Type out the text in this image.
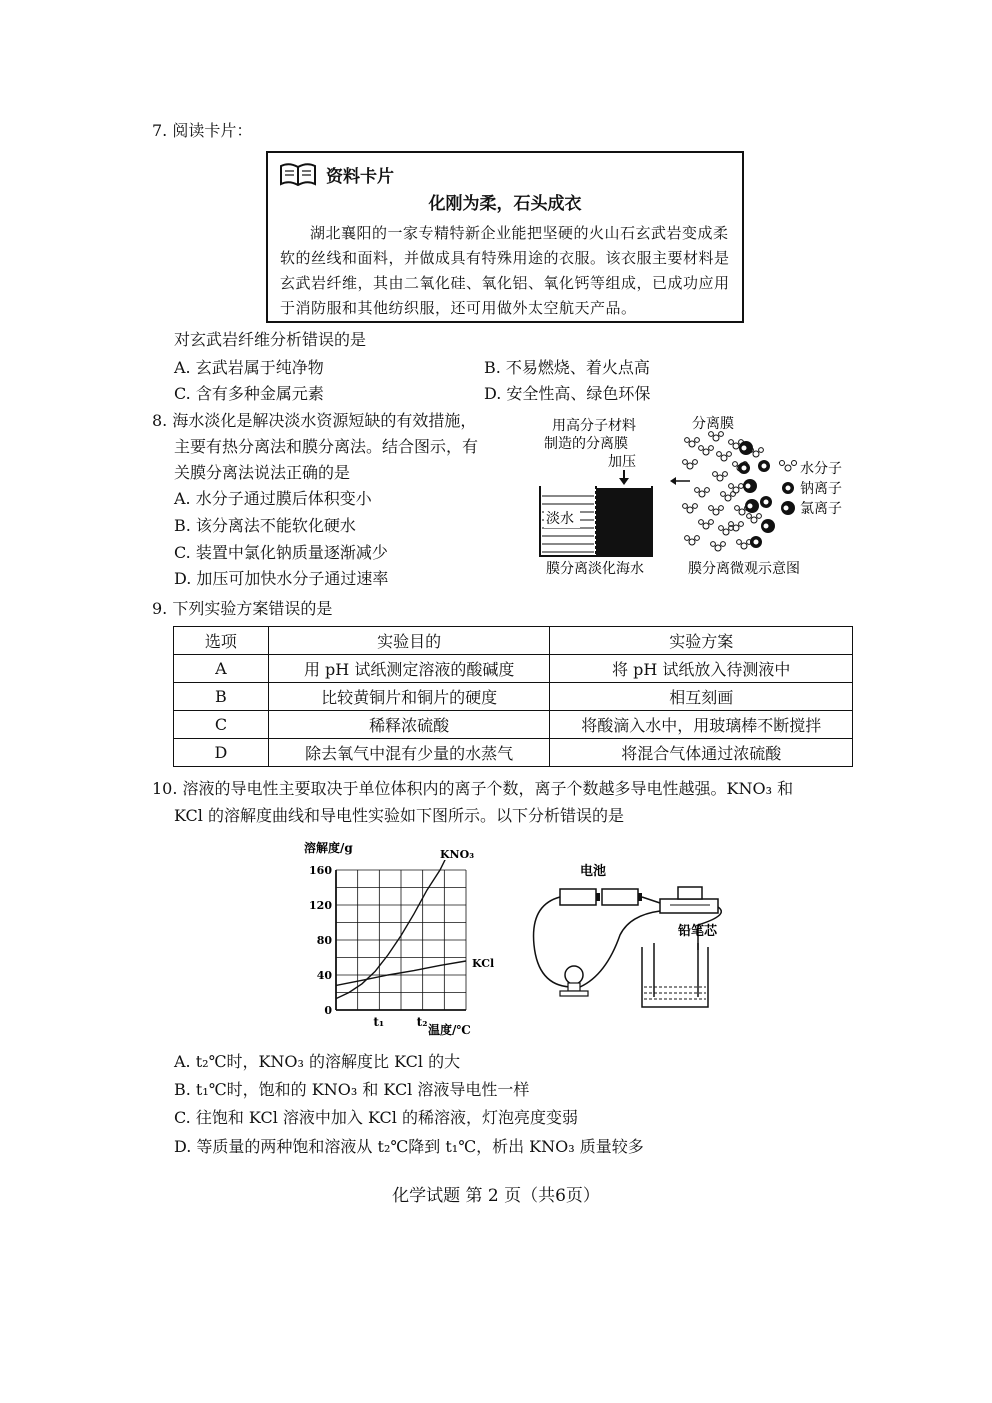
7. 阅读卡片：
资料卡片
化刚为柔，石头成衣
湖北襄阳的一家专精特新企业能把坚硬的火山石玄武岩变成柔软的丝线和面料，并做成具有特殊用途的衣服。该衣服主要材料是玄武岩纤维，其由二氧化硅、氧化铝、氧化钙等组成，已成功应用于消防服和其他纺织服，还可用做外太空航天产品。
对玄武岩纤维分析错误的是
A. 玄武岩属于纯净物	B. 不易燃烧、着火点高
C. 含有多种金属元素	D. 安全性高、绿色环保
8. 海水淡化是解决淡水资源短缺的有效措施，
主要有热分离法和膜分离法。结合图示，有
关膜分离法说法正确的是
A. 水分子通过膜后体积变小
B. 该分离法不能软化硬水
C. 装置中氯化钠质量逐渐减少
D. 加压可加快水分子通过速率
用高分子材料
制造的分离膜
加压
淡水
膜分离淡化海水
分离膜
水分子
钠离子
氯离子
膜分离微观示意图
9. 下列实验方案错误的是
选项	实验目的	实验方案
A	用 pH 试纸测定溶液的酸碱度	将 pH 试纸放入待测液中
B	比较黄铜片和铜片的硬度	相互刻画
C	稀释浓硫酸	将酸滴入水中，用玻璃棒不断搅拌
D	除去氧气中混有少量的水蒸气	将混合气体通过浓硫酸
10. 溶液的导电性主要取决于单位体积内的离子个数，离子个数越多导电性越强。KNO₃ 和
KCl 的溶解度曲线和导电性实验如下图所示。以下分析错误的是
溶解度/g
0
40
80
120
160
t₁	t₂
KNO₃
KCl
温度/℃
电池
铅笔芯
A. t₂℃时，KNO₃ 的溶解度比 KCl 的大
B. t₁℃时，饱和的 KNO₃ 和 KCl 溶液导电性一样
C. 往饱和 KCl 溶液中加入 KCl 的稀溶液，灯泡亮度变弱
D. 等质量的两种饱和溶液从 t₂℃降到 t₁℃，析出 KNO₃ 质量较多
化学试题 第 2 页（共6页）
